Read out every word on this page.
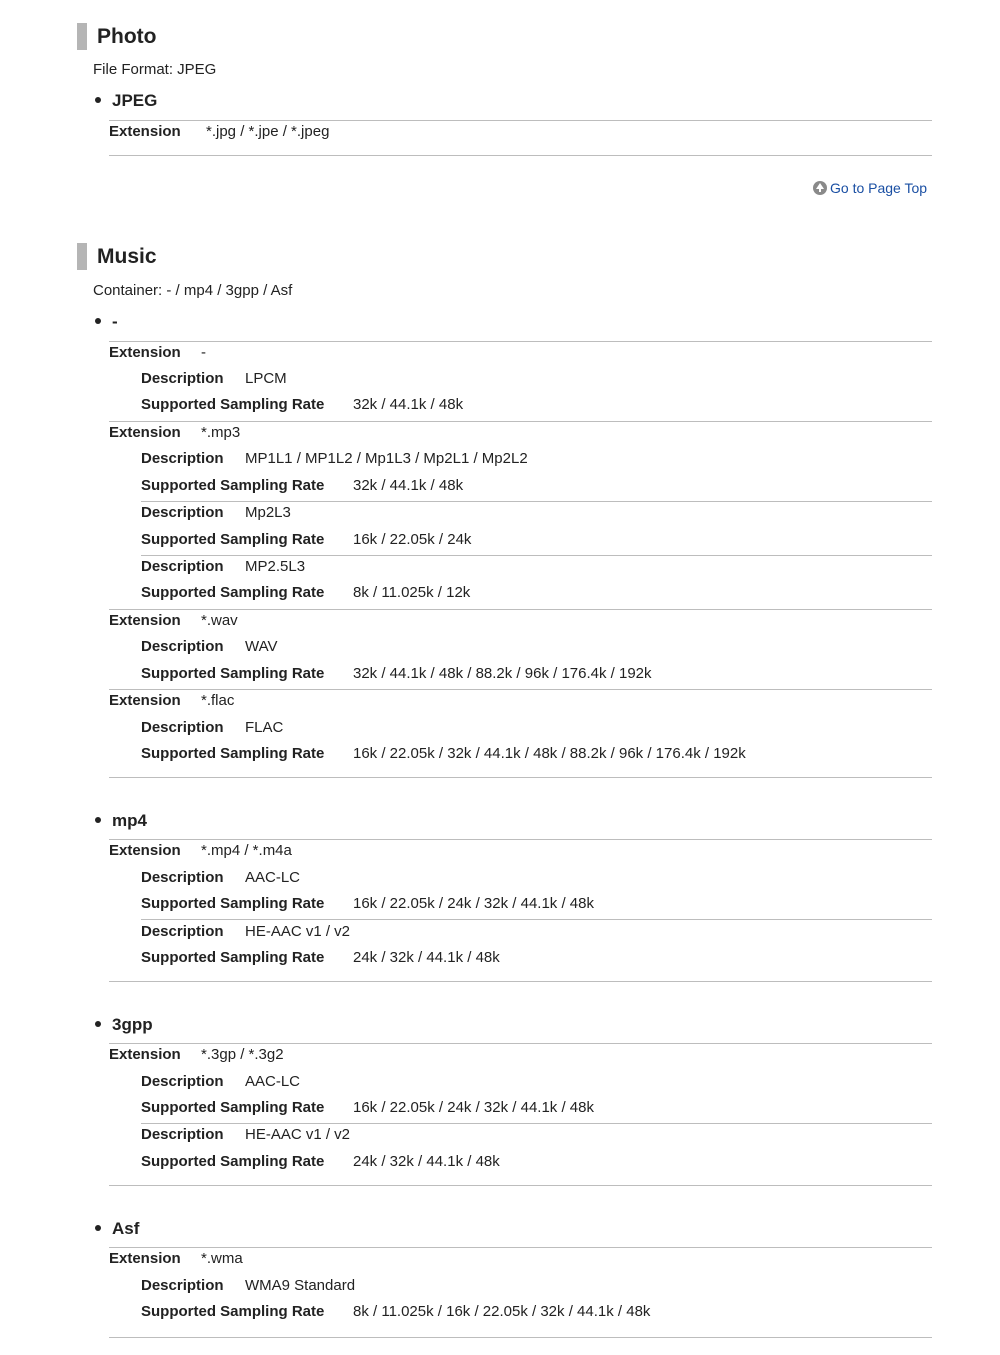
Photo
File Format: JPEG
JPEG
Extension *.jpg / *.jpe / *.jpeg
Go to Page Top
Music
Container: - / mp4 / 3gpp / Asf
-
Extension -
Description LPCM
Supported Sampling Rate 32k / 44.1k / 48k
Extension *.mp3
Description MP1L1 / MP1L2 / Mp1L3 / Mp2L1 / Mp2L2
Supported Sampling Rate 32k / 44.1k / 48k
Description Mp2L3
Supported Sampling Rate 16k / 22.05k / 24k
Description MP2.5L3
Supported Sampling Rate 8k / 11.025k / 12k
Extension *.wav
Description WAV
Supported Sampling Rate 32k / 44.1k / 48k / 88.2k / 96k / 176.4k / 192k
Extension *.flac
Description FLAC
Supported Sampling Rate 16k / 22.05k / 32k / 44.1k / 48k / 88.2k / 96k / 176.4k / 192k
mp4
Extension *.mp4 / *.m4a
Description AAC-LC
Supported Sampling Rate 16k / 22.05k / 24k / 32k / 44.1k / 48k
Description HE-AAC v1 / v2
Supported Sampling Rate 24k / 32k / 44.1k / 48k
3gpp
Extension *.3gp / *.3g2
Description AAC-LC
Supported Sampling Rate 16k / 22.05k / 24k / 32k / 44.1k / 48k
Description HE-AAC v1 / v2
Supported Sampling Rate 24k / 32k / 44.1k / 48k
Asf
Extension *.wma
Description WMA9 Standard
Supported Sampling Rate 8k / 11.025k / 16k / 22.05k / 32k / 44.1k / 48k
